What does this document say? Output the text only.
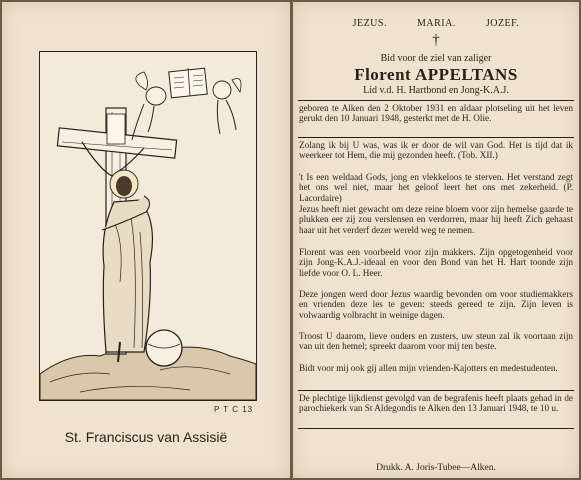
P T C 13
St. Franciscus van Assisië
JEZUS.	MARIA.	JOZEF.
†
Bid voor de ziel van zaliger
Florent APPELTANS
Lid v.d. H. Hartbond en Jong-K.A.J.
geboren te Alken den 2 Oktober 1931 en aldaar plotseling uit het leven gerukt den 10 Januari 1948, gesterkt met de H. Olie.
Zolang ik bij U was, was ik er door de wil van God. Het is tijd dat ik weerkeer tot Hem, die mij gezonden heeft. (Tob. XII.)
't Is een weldaad Gods, jong en vlekkeloos te sterven. Het verstand zegt het ons wel niet, maar het geloof leert het ons met zekerheid. (P. Lacordaire)
Jezus heeft niet gewacht om deze reine bloem voor zijn hemelse gaarde te plukken eer zij zou verslensen en verdorren, maar hij heeft Zich gehaast haar uit het verderf dezer wereld weg te nemen.
Florent was een voorbeeld voor zijn makkers. Zijn opgetogenheid voor zijn Jong-K.A.J.-ideaal en voor den Bond van het H. Hart toonde zijn liefde voor O. L. Heer.
Deze jongen werd door Jezus waardig bevonden om voor studiemakkers en vrienden deze les te geven: steeds gereed te zijn. Zijn leven is volwaardig volbracht in weinige dagen.
Troost U daarom, lieve ouders en zusters, uw steun zal ik voortaan zijn van uit den hemel; spreekt daarom voor mij ten beste.
Bidt voor mij ook gij allen mijn vrienden-Kajotters en medestudenten.
De plechtige lijkdienst gevolgd van de begrafenis heeft plaats gehad in de parochiekerk van St Aldegondis te Alken den 13 Januari 1948, te 10 u.
Drukk. A. Joris-Tubee—Alken.
